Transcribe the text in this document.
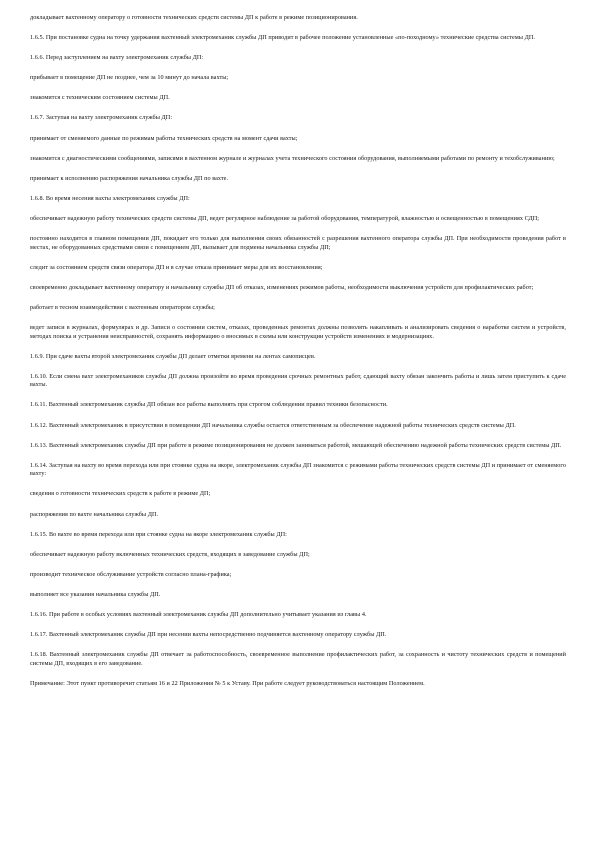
докладывает вахтенному оператору о готовности технических средств системы ДП к работе в режиме позиционирования.

1.6.5. При постановке судна на точку удержания вахтенный электромеханик службы ДП приводит в рабочее положение установленные «по-походному» технические средства системы ДП.

1.6.6. Перед заступлением на вахту электромеханик службы ДП:

прибывает в помещение ДП не позднее, чем за 10 минут до начала вахты;

знакомится с техническим состоянием системы ДП.

1.6.7. Заступая на вахту электромеханик службы ДП:

принимает от сменяемого данные по режимам работы технических средств на момент сдачи вахты;

знакомится с диагностическими сообщениями, записями в вахтенном журнале и журналах учета технического состояния оборудования, выполняемыми работами по ремонту и техобслуживанию;

принимает к исполнению распоряжения начальника службы ДП по вахте.

1.6.8. Во время несения вахты электромеханик службы ДП:

обеспечивает надежную работу технических средств системы ДП, ведет регулярное наблюдение за работой оборудования, температурой, влажностью и освещенностью в помещениях СДП;

постоянно находится в главном помещении ДП, покидает его только для выполнения своих обязанностей с разрешения вахтенного оператора службы ДП. При необходимости проведения работ в местах, не оборудованных средствами связи с помещением ДП, вызывает для подмены начальника службы ДП;

следит за состоянием средств связи оператора ДП и в случае отказа принимает меры для их восстановления;

своевременно докладывает вахтенному оператору и начальнику службы ДП об отказах, изменениях режимов работы, необходимости выключения устройств для профилактических работ;

работает в тесном взаимодействии с вахтенным оператором службы;

ведет записи в журналах, формулярах и др. Записи о состоянии систем, отказах, проведенных ремонтах должны позволять накапливать и анализировать сведения о наработке систем и устройств, методах поиска и устранения неисправностей, сохранять информацию о вносимых в схемы или конструкции устройств изменениях и модернизациях.

1.6.9. При сдаче вахты второй электромеханик службы ДП делает отметки времени на лентах самописцев.

1.6.10. Если смена вахт электромехаников службы ДП должна произойти во время проведения срочных ремонтных работ, сдающий вахту обязан закончить работы и лишь затем приступить к сдаче вахты.

1.6.11. Вахтенный электромеханик службы ДП обязан все работы выполнять при строгом соблюдении правил техники безопасности.

1.6.12. Вахтенный электромеханик в присутствии в помещении ДП начальника службы остается ответственным за обеспечение надежной работы технических средств системы ДП.

1.6.13. Вахтенный электромеханик службы ДП при работе в режиме позиционирования не должен заниматься работой, мешающей обеспечению надежной работы технических средств системы ДП.

1.6.14. Заступая на вахту во время перехода или при стоянке судна на якоре, электромеханик службы ДП знакомится с режимами работы технических средств системы ДП и принимает от сменяемого вахту:

сведения о готовности технических средств к работе в режиме ДП;

распоряжения по вахте начальника службы ДП.

1.6.15. Во вахте во время перехода или при стоянке судна на якоре электромеханик службы ДП:

обеспечивает надежную работу включенных технических средств, входящих в заведование службы ДП;

производит техническое обслуживание устройств согласно плана-графика;

выполняет все указания начальника службы ДП.

1.6.16. При работе в особых условиях вахтенный электромеханик службы ДП дополнительно учитывает указания из главы 4.

1.6.17. Вахтенный электромеханик службы ДП при несении вахты непосредственно подчиняется вахтенному оператору службы ДП.

1.6.18. Вахтенный электромеханик службы ДП отвечает за работоспособность, своевременное выполнение профилактических работ, за сохранность и чистоту технических средств и помещений системы ДП, входящих в его заведование.

Примечание: Этот пункт противоречит статьям 16 и 22 Приложения № 5 к Уставу. При работе следует руководствоваться настоящим Положением.
